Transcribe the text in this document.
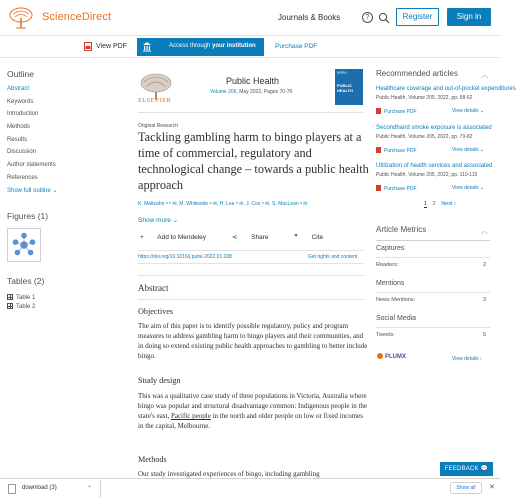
ScienceDirect	Journals & Books	?	Register	Sign in
View PDF	Access through your institution	Purchase PDF
Outline
Abstract
Keywords
Introduction
Methods
Results
Discussion
Author statements
References
Show full outline ⌄
Figures (1)
Tables (2)
Table 1
Table 2
ELSEVIER
Public Health
Volume 206, May 2022, Pages 70-76
RSPH
PUBLIC HEALTH
Original Research
Tackling gambling harm to bingo players at a time of commercial, regulatory and technological change – towards a public health approach
K. Maltzahn ᵃ ᵇ ✉, M. Whiteside ᵃ ✉, H. Lee ᵇ ✉, J. Cox ᵇ ✉, S. MacLean ᵃ ✉
Show more ⌄
+ Add to Mendeley	⋖ Share	❞ Cite
https://doi.org/10.1016/j.puhe.2022.01.038	Get rights and content
Abstract
Objectives
The aim of this paper is to identify possible regulatory, policy and program measures to address gambling harm to bingo players and their communities, and in doing so extend existing public health approaches to gambling to better include bingo.
Study design
This was a qualitative case study of three populations in Victoria, Australia where bingo was popular and structural disadvantage common: Indigenous people in the state's east, Pacific people in the north and older people on low or fixed incomes in the capital, Melbourne.
Methods
Our study investigated experiences of bingo, including gambling
Recommended articles	︿
Healthcare coverage and out-of-pocket expenditures
Public Health, Volume 205, 2022, pp. 58-62
Purchase PDF	View details ⌄
Secondhand smoke exposure is associated
Public Health, Volume 205, 2022, pp. 79-82
Purchase PDF	View details ⌄
Utilization of health services and associated
Public Health, Volume 205, 2022, pp. 110-115
Purchase PDF	View details ⌄
1 2 Next ›
Article Metrics	︿
Captures
Readers:	2
Mentions
News Mentions:	3
Social Media
Tweets:	5
PLUMX	View details ›
FEEDBACK 💬
download (3)	⌃	Show all	✕
